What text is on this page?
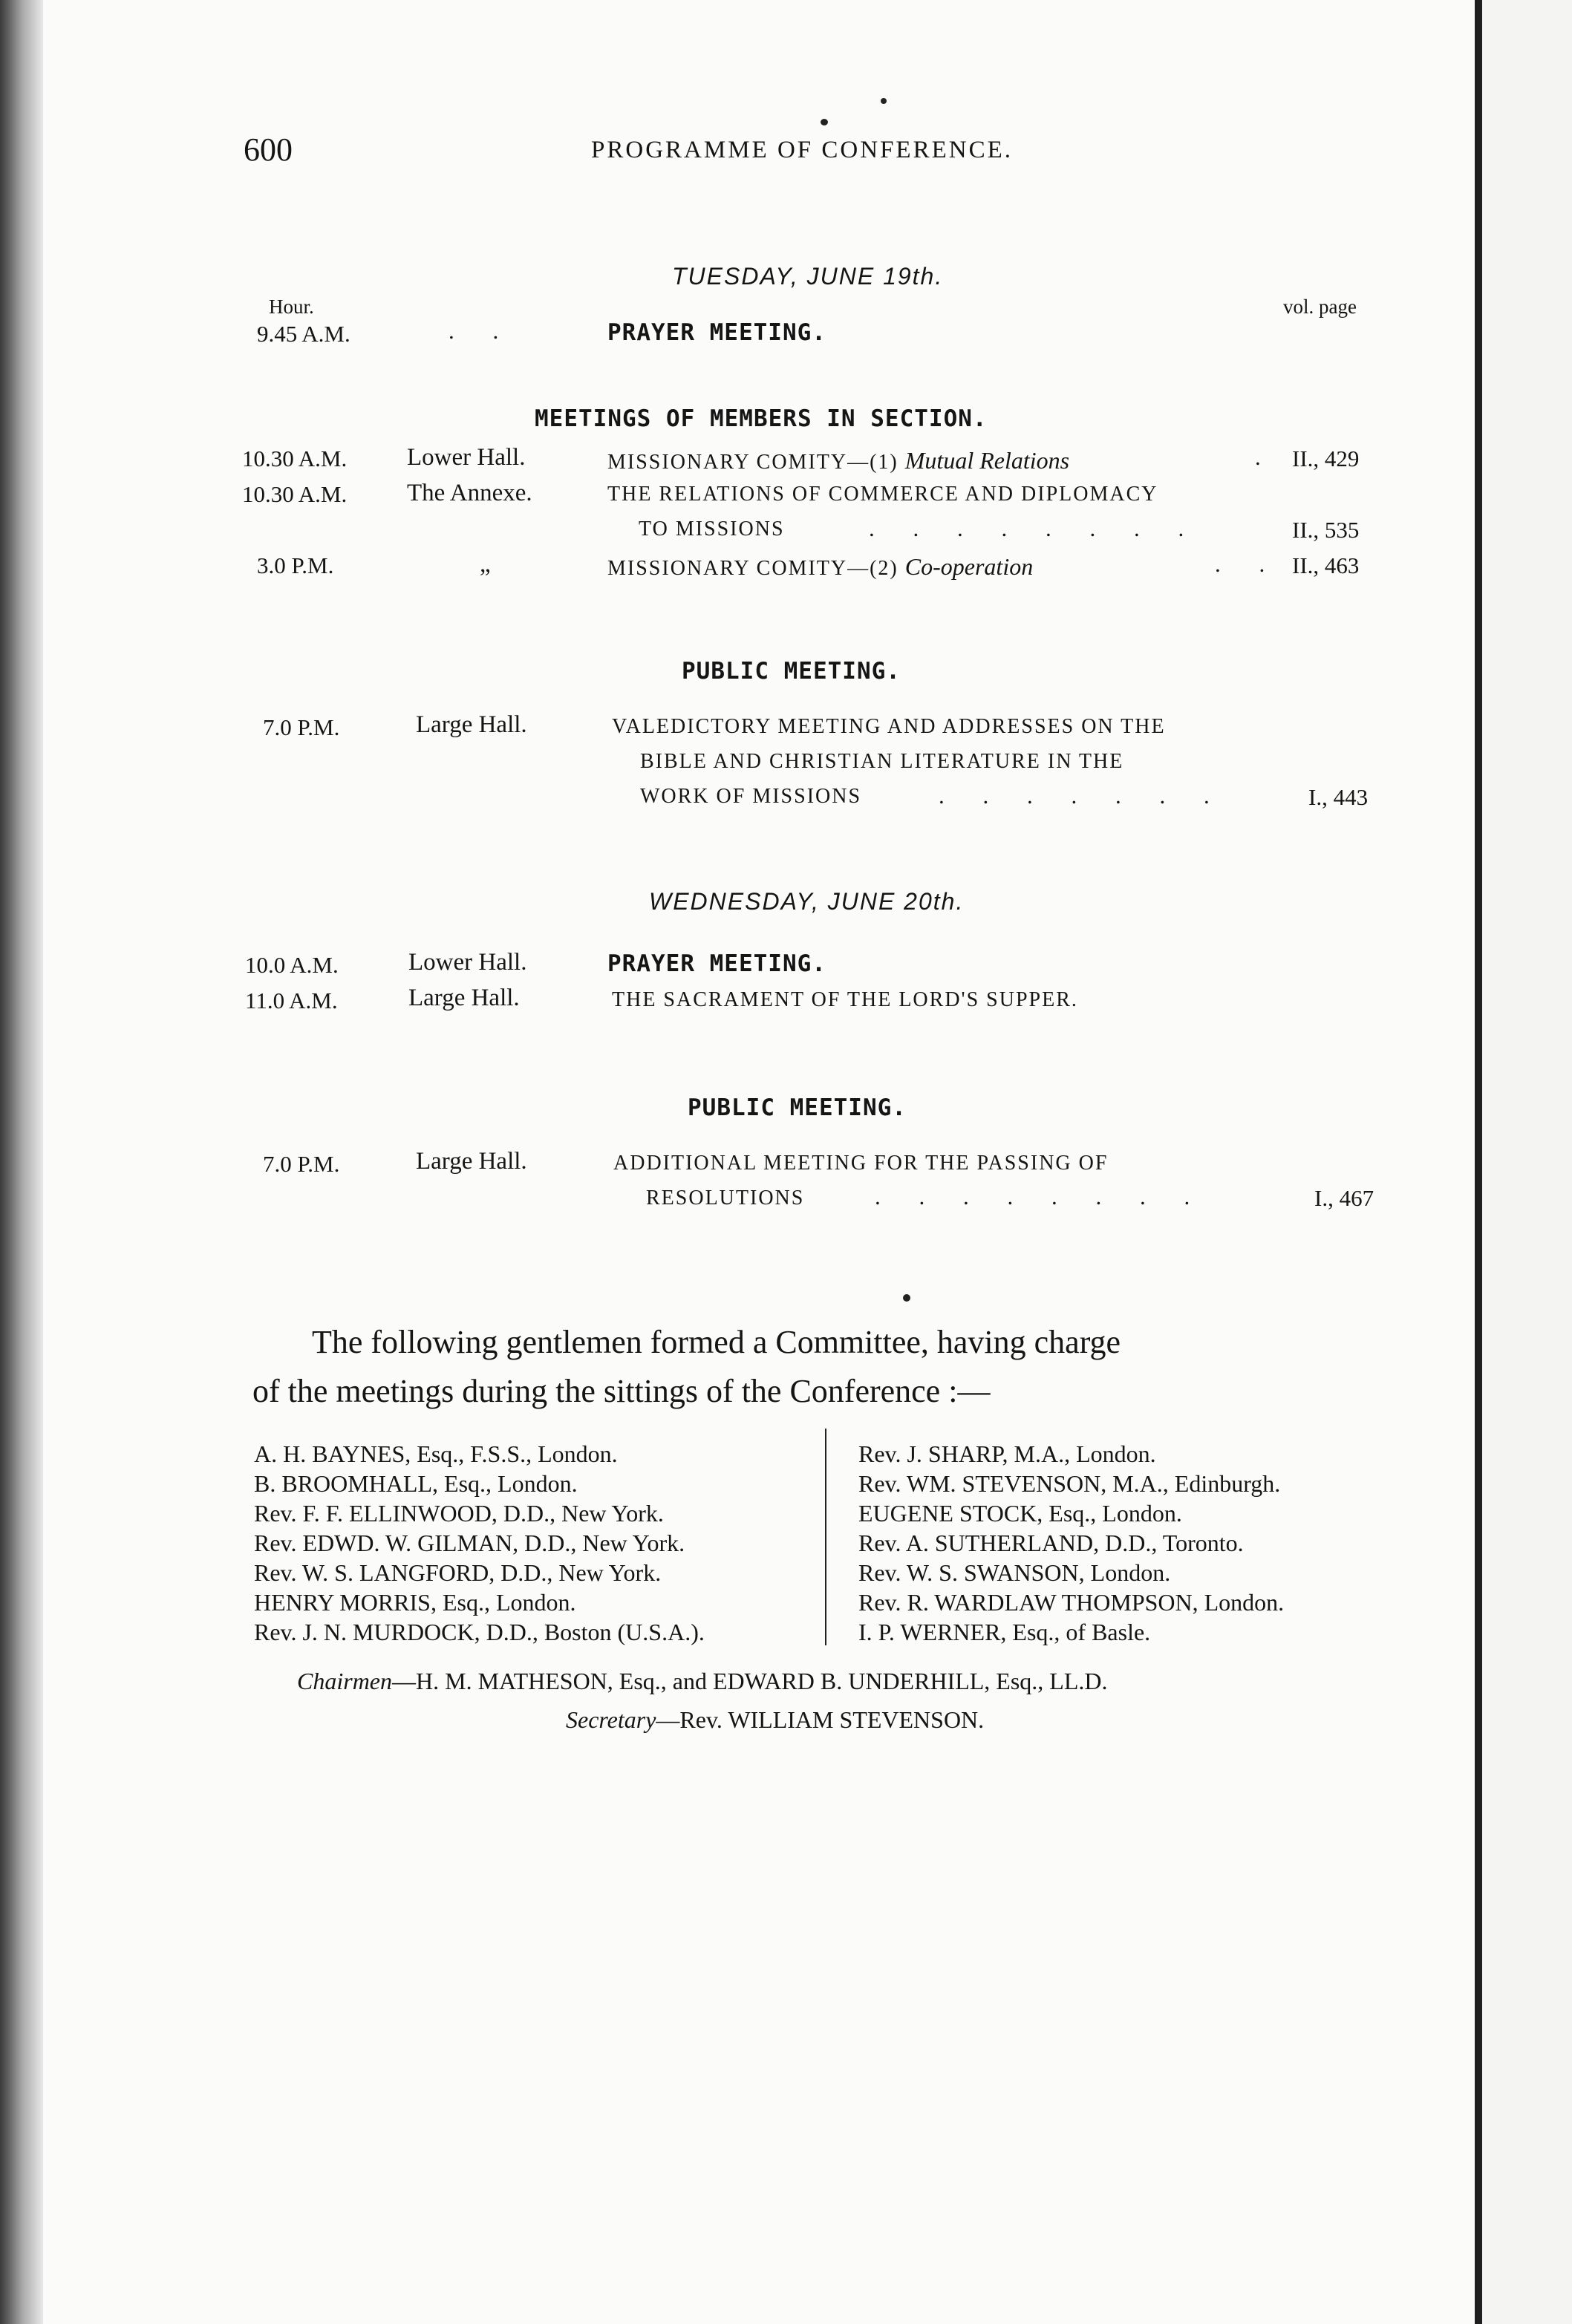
600	PROGRAMME OF CONFERENCE.
TUESDAY, JUNE 19th.
Hour.	vol. page
9.45 A.M.	. .	PRAYER MEETING.
MEETINGS OF MEMBERS IN SECTION.
10.30 A.M. Lower Hall.	MISSIONARY COMITY—(1) Mutual Relations	. II., 429
10.30 A.M. The Annexe.	THE RELATIONS OF COMMERCE AND DIPLOMACY
TO MISSIONS	. . . . . . . .	II., 535
3.0 P.M.	„	MISSIONARY COMITY—(2) Co-operation	. . II., 463
PUBLIC MEETING.
7.0 P.M.	Large Hall.	VALEDICTORY MEETING AND ADDRESSES ON THE
BIBLE AND CHRISTIAN LITERATURE IN THE
WORK OF MISSIONS	. . . . . . .	I., 443
WEDNESDAY, JUNE 20th.
10.0 A.M.	Lower Hall.	PRAYER MEETING.
11.0 A.M.	Large Hall.	THE SACRAMENT OF THE LORD'S SUPPER.
PUBLIC MEETING.
7.0 P.M.	Large Hall.	ADDITIONAL MEETING FOR THE PASSING OF
RESOLUTIONS	. . . . . . . .	I., 467
The following gentlemen formed a Committee, having charge
of the meetings during the sittings of the Conference :—
A. H. BAYNES, Esq., F.S.S., London.
B. BROOMHALL, Esq., London.
Rev. F. F. ELLINWOOD, D.D., New York.
Rev. EDWD. W. GILMAN, D.D., New York.
Rev. W. S. LANGFORD, D.D., New York.
HENRY MORRIS, Esq., London.
Rev. J. N. MURDOCK, D.D., Boston (U.S.A.).
Rev. J. SHARP, M.A., London.
Rev. WM. STEVENSON, M.A., Edinburgh.
EUGENE STOCK, Esq., London.
Rev. A. SUTHERLAND, D.D., Toronto.
Rev. W. S. SWANSON, London.
Rev. R. WARDLAW THOMPSON, London.
I. P. WERNER, Esq., of Basle.
Chairmen—H. M. MATHESON, Esq., and EDWARD B. UNDERHILL, Esq., LL.D.
Secretary—Rev. WILLIAM STEVENSON.
